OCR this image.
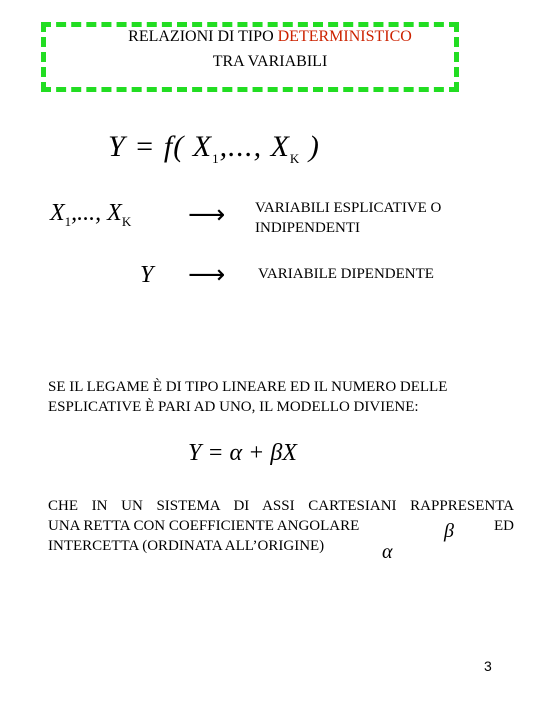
RELAZIONI DI TIPO DETERMINISTICO
TRA VARIABILI
Y = f( $X_1$,..., $X_K$ )
$X_1$,..., $X_K$ ⟶ VARIABILI ESPLICATIVE O INDIPENDENTI
Y ⟶ VARIABILE DIPENDENTE
SE IL LEGAME È DI TIPO LINEARE ED IL NUMERO DELLE ESPLICATIVE È PARI AD UNO, IL MODELLO DIVIENE:
Y = α + βX
CHE IN UN SISTEMA DI ASSI CARTESIANI RAPPRESENTA
UNA RETTA CON COEFFICIENTE ANGOLARE	ED
INTERCETTA (ORDINATA ALL’ORIGINE)
β
α
3
